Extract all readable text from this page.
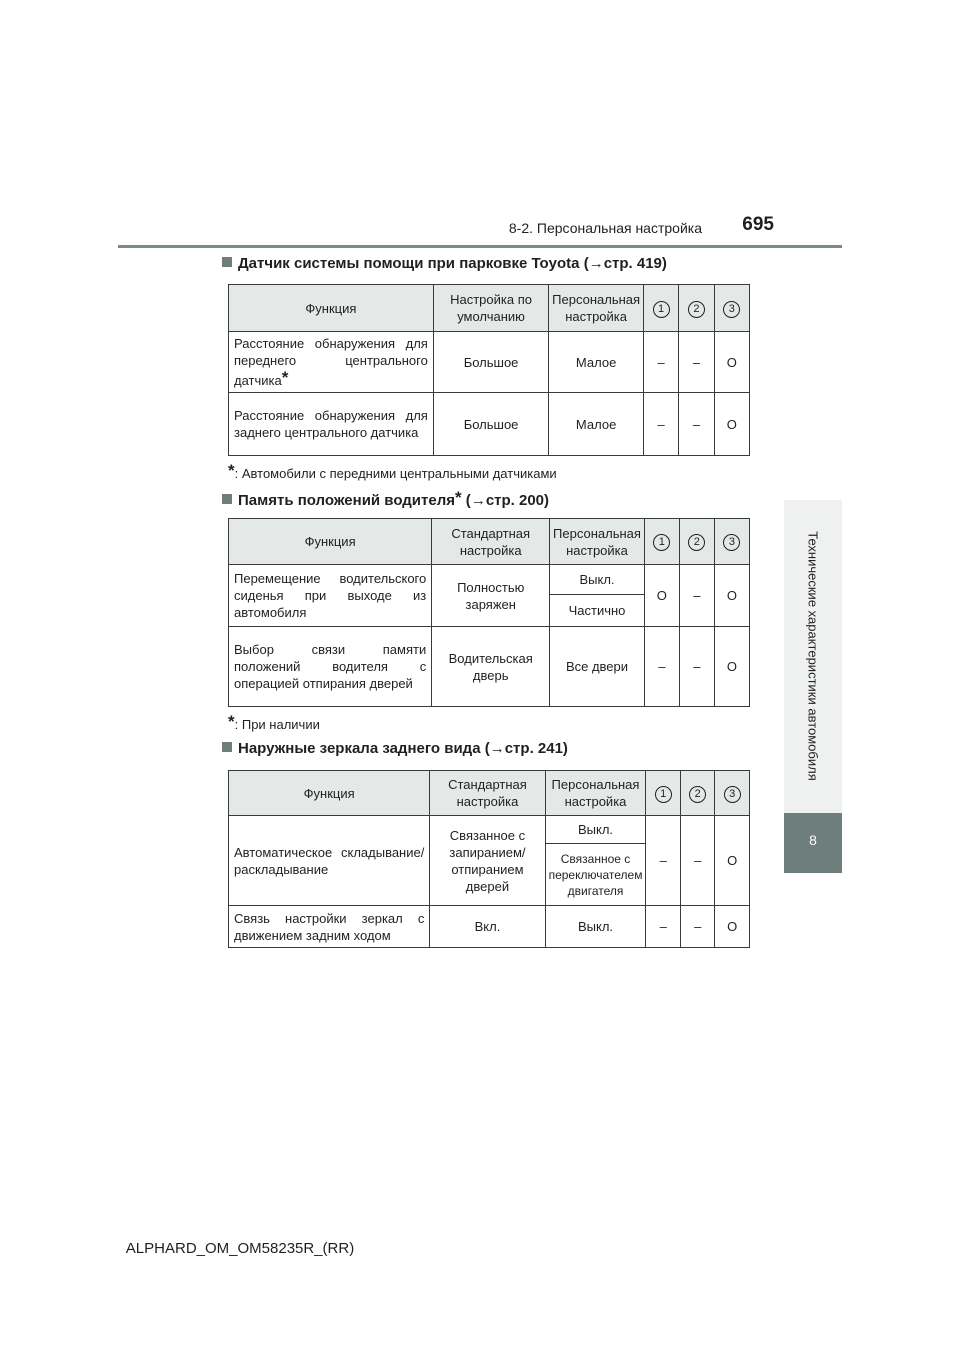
8-2. Персональная настройка 695
Технические характеристики автомобиля
8
Датчик системы помощи при парковке Toyota (→стр. 419)
Функция	Настройка по умолчанию	Персональная настройка	1	2	3
Расстояние обнаружения для переднего центрального датчика*	Большое	Малое	–	–	O
Расстояние обнаружения для заднего центрального датчика	Большое	Малое	–	–	O
*: Автомобили с передними центральными датчиками
Память положений водителя* (→стр. 200)
Функция	Стандартная настройка	Персональная настройка	1	2	3
Перемещение водительского сиденья при выходе из автомобиля	Полностью заряжен	Выкл.	O	–	O
		Частично			
Выбор связи памяти положений водителя с операцией отпирания дверей	Водительская дверь	Все двери	–	–	O
*: При наличии
Наружные зеркала заднего вида (→стр. 241)
Функция	Стандартная настройка	Персональная настройка	1	2	3
Автоматическое складывание/раскладывание	Связанное с запиранием/отпиранием дверей	Выкл.	–	–	O
		Связанное с переключателем двигателя			
Связь настройки зеркал с движением задним ходом	Вкл.	Выкл.	–	–	O
ALPHARD_OM_OM58235R_(RR)
